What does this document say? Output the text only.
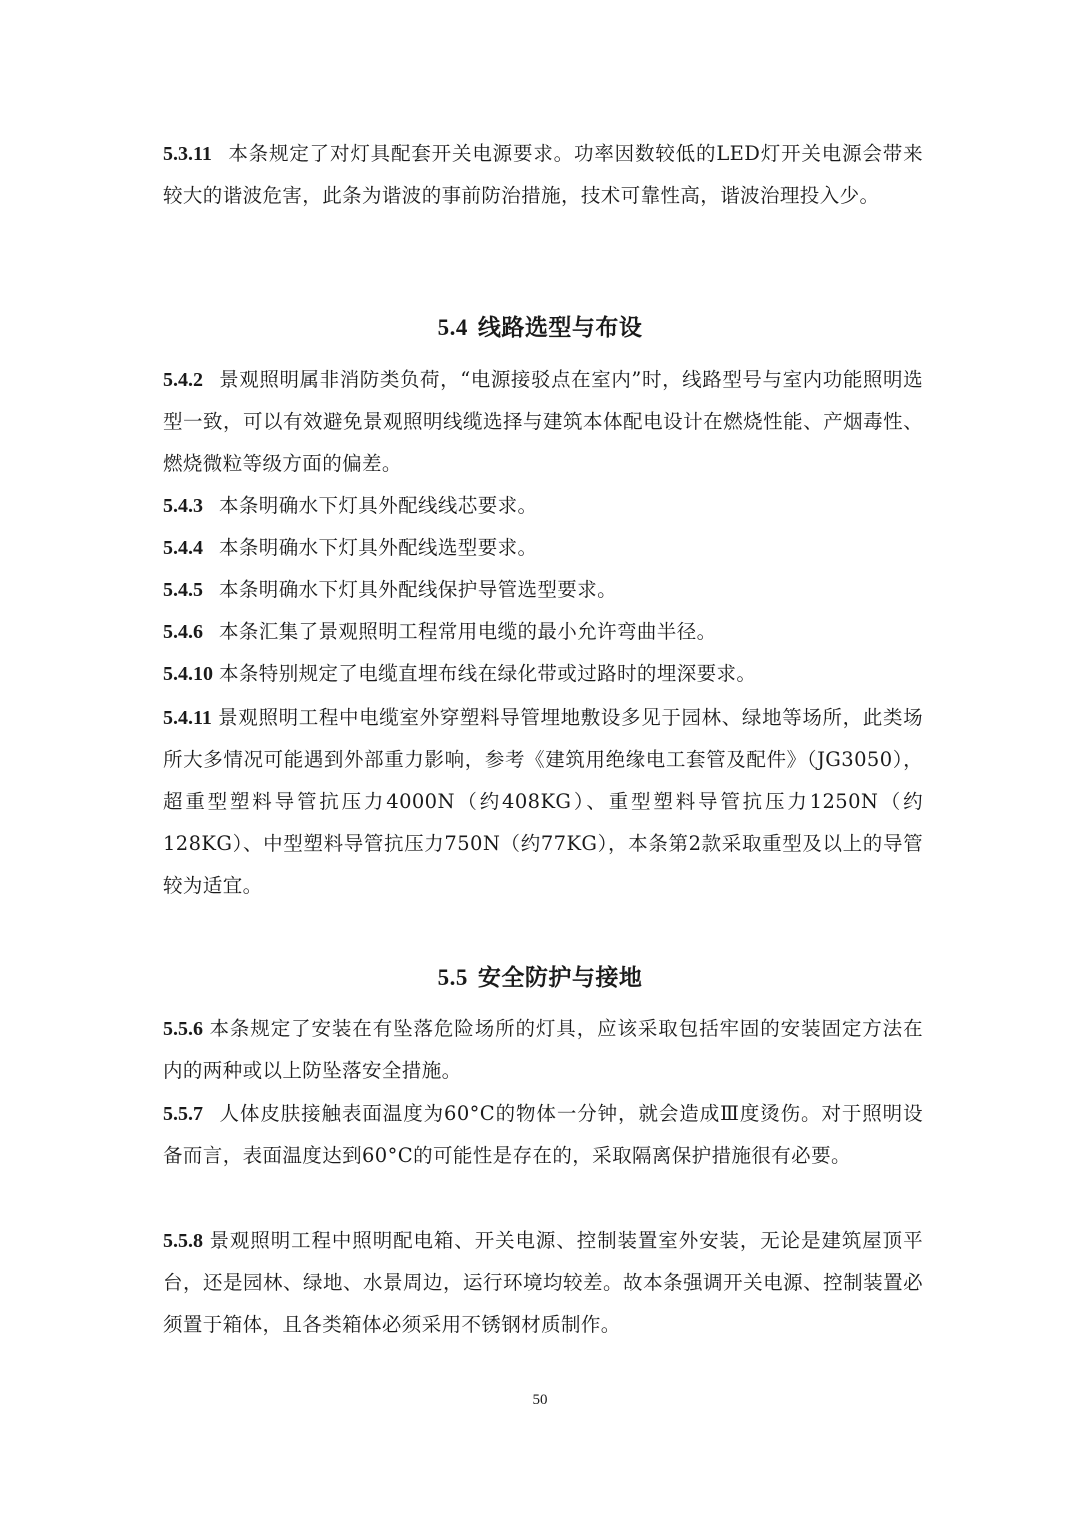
5.3.11 本条规定了对灯具配套开关电源要求。功率因数较低的LED灯开关电源会带来较大的谐波危害，此条为谐波的事前防治措施，技术可靠性高，谐波治理投入少。

5.4 线路选型与布设

5.4.2 景观照明属非消防类负荷，“电源接驳点在室内”时，线路型号与室内功能照明选型一致，可以有效避免景观照明线缆选择与建筑本体配电设计在燃烧性能、产烟毒性、燃烧微粒等级方面的偏差。

5.4.3 本条明确水下灯具外配线线芯要求。

5.4.4 本条明确水下灯具外配线选型要求。

5.4.5 本条明确水下灯具外配线保护导管选型要求。

5.4.6 本条汇集了景观照明工程常用电缆的最小允许弯曲半径。

5.4.10 本条特别规定了电缆直埋布线在绿化带或过路时的埋深要求。

5.4.11 景观照明工程中电缆室外穿塑料导管埋地敷设多见于园林、绿地等场所，此类场所大多情况可能遇到外部重力影响，参考《建筑用绝缘电工套管及配件》（JG3050），超重型塑料导管抗压力4000N（约408KG）、重型塑料导管抗压力1250N（约128KG）、中型塑料导管抗压力750N（约77KG），本条第2款采取重型及以上的导管较为适宜。

5.5 安全防护与接地

5.5.6 本条规定了安装在有坠落危险场所的灯具，应该采取包括牢固的安装固定方法在内的两种或以上防坠落安全措施。

5.5.7 人体皮肤接触表面温度为60°C的物体一分钟，就会造成Ⅲ度烫伤。对于照明设备而言，表面温度达到60°C的可能性是存在的，采取隔离保护措施很有必要。

5.5.8 景观照明工程中照明配电箱、开关电源、控制装置室外安装，无论是建筑屋顶平台，还是园林、绿地、水景周边，运行环境均较差。故本条强调开关电源、控制装置必须置于箱体，且各类箱体必须采用不锈钢材质制作。

50
